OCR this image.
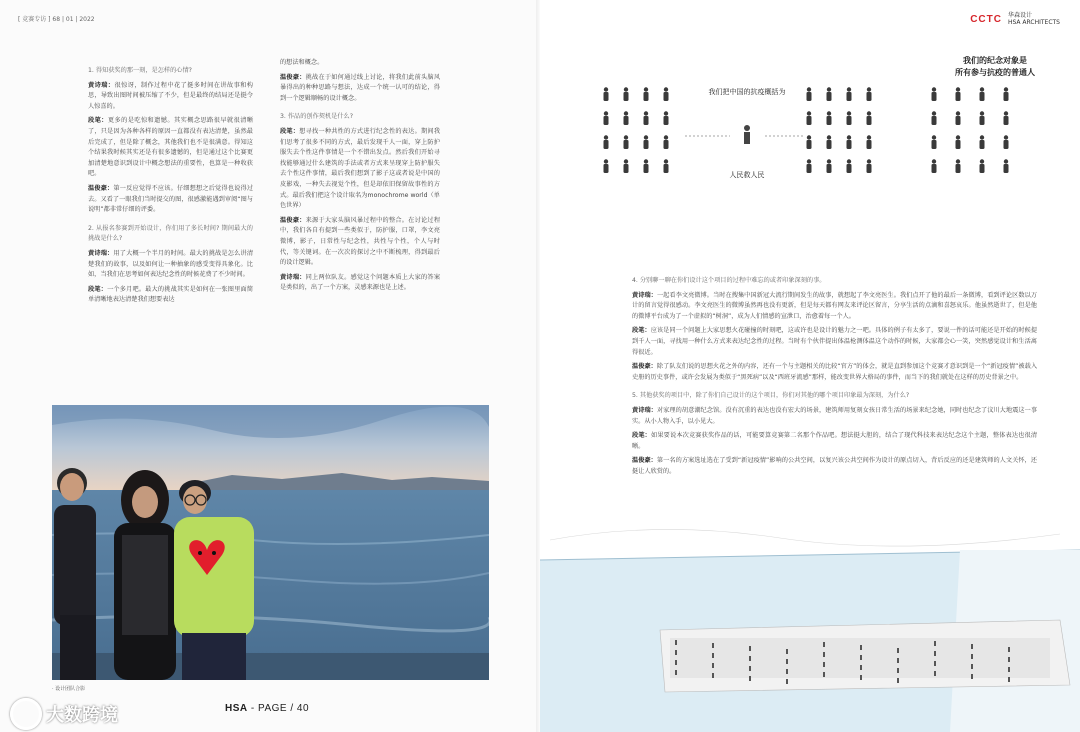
[ 竞赛专访 ] 68 | 01 | 2022

1. 得知获奖的那一刻，是怎样的心情?

黄诗瑞：很惊讶，制作过程中花了挺多时间在讲故事和构思，导致出图时间被压缩了不少，但是最终的结局还是挺令人惊喜的。

段笔：更多的是吃惊和遗憾。其实概念思路很早就很清晰了，只是因为各种各样的原因一直都没有表达清楚，虽然最后完成了，但是除了概念，其他我们也不是很满意。得知这个结果我时候其实还是有很多遗憾的，但是通过这个比赛更加清楚地意识到设计中概念想法的重要性，也算是一种收获吧。

温俊豪：第一反应觉得不应该。仔细想想之后觉得也说得过去。又看了一眼我们当时提交的图，很感激能遇到审阅“图与说明”都非常仔细的评委。

2. 从报名参赛到开始设计，你们用了多长时间? 期间最大的挑战是什么?

黄诗瑞：用了大概一个半月的时间。最大的挑战是怎么讲清楚我们的故事，以及如何让一种抽象的感受变得具象化。比如，当我们在思考如何表达纪念性的时候花费了不少时间。

段笔：一个多月吧。最大的挑战其实是如何在一张图里面简单清晰地表达清楚我们想要表达

的想法和概念。

温俊豪：挑战在于如何通过线上讨论，将我们此前头脑风暴得出的种种思路与想法，达成一个统一认可的结论，得到一个逻辑顺畅的设计概念。

3. 作品的创作契机是什么?

段笔：想寻找一种共性的方式进行纪念性的表达。期间我们思考了很多不同的方式，最后发现千人一面，穿上防护服失去个性这件事情是一个不错出发点。然后我们开始寻找能够通过什么建筑的手法或者方式来呈现穿上防护服失去个性这件事情，最后我们想到了影子这或者说是中国的皮影戏，一种失去视觉个性，但是却依旧保留故事性的方式。最后我们把这个设计取名为monochrome world（单色世界）

温俊豪：来源于大家头脑风暴过程中的整合。在讨论过程中，我们各自有提到一些类似于，防护服，口罩，李文亮微博，影子，日常性与纪念性，共性与个性，个人与时代，等关键词。在一次次的探讨之中不断梳理，得到最后的设计逻辑。

黄诗瑞：同上两位队友。感觉这个问题本质上大家的答案是类似的，出了一个方案，灵感来源也是上述。

· 设计团队合影
HSA - PAGE / 40
大数跨境
CCTC 华森设计
HSA ARCHITECTS

4. 分别聊一聊在你们设计这个项目的过程中难忘的或者印象深刻的事。

黄诗瑞：一起看李文亮微博。当时在搜集中国新冠大流行期间发生的故事，就想起了李文亮医生。我们点开了他的最后一条微博，看到评论区数以万计的留言觉得很感动。李文亮医生的微博虽然再也没有更新，但是每天都有网友来评论区留言，分享生活的点滴和喜怒哀乐。他虽然逝世了，但是他的微博平台成为了一个虚拟的“树洞”，成为人们情感的宣泄口，治愈着每一个人。

段笔：应该是同一个问题上大家思想火花碰撞的时刻吧，这或许也是设计的魅力之一吧。具体的例子有太多了，要说一件的话可能还是开始的时候提到千人一面，寻找用一种什么方式来表达纪念性的过程。当时有个伙伴提出体温枪测体温这个动作的时候，大家都会心一笑，突然感觉设计和生活离得很近。

温俊豪：除了队友们说的思想火花之外的内容，还有一个与主题相关的比较“官方”的体会，就是直到参加这个竞赛才意识到是一个“新冠疫情”被载入史册的历史事件，或许会发展为类似于“黑死病”以及“西班牙流感”那样，能改变世界大格局的事件，而当下的我们就处在这样的历史背景之中。

5. 其他获奖的项目中，除了你们自己设计的这个项目，你们对其他的哪个项目印象最为深刻，为什么?

黄诗瑞：对家理的胡意潮纪念馆。没有沉重的表达也没有宏大的场景，建筑师用复刻女孩日常生活的场景来纪念她，同时也纪念了汶川大地震这一事实。从小人物入手，以小见大。

段笔：如果要说本次竞赛获奖作品的话，可能要算竞赛第二名那个作品吧。想法挺大胆的，结合了现代科技来表达纪念这个主题，整体表达也很清晰。

温俊豪：第一名的方案选址选在了受到“新冠疫情”影响的公共空间，以复兴该公共空间作为设计的原点切入，背后反应的还是建筑师的人文关怀，还挺让人欣赏的。

我们把中国的抗疫概括为
人民救人民
我们的纪念对象是
所有参与抗疫的普通人
